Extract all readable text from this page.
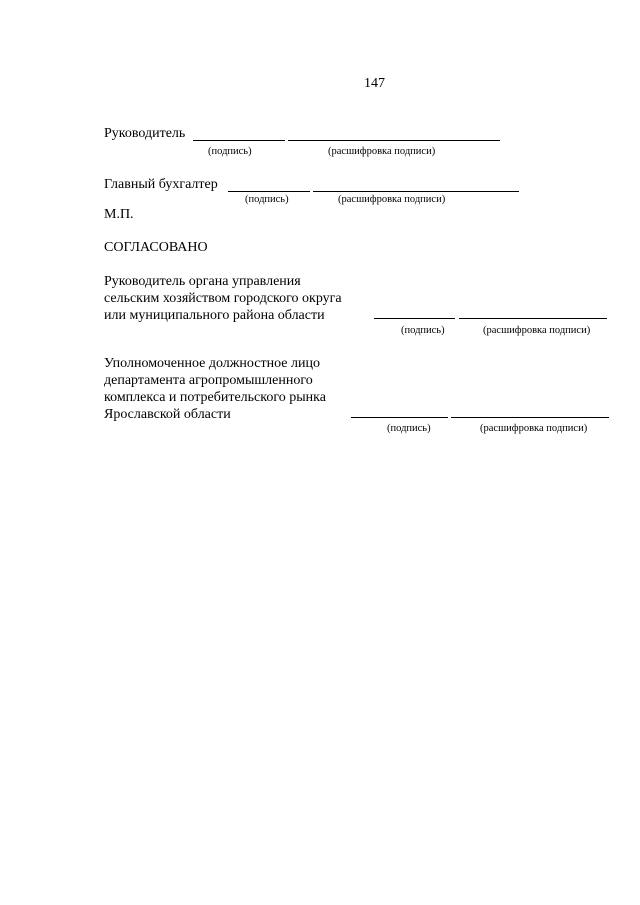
147
Руководитель
(подпись)	(расшифровка подписи)
Главный бухгалтер
(подпись)	(расшифровка подписи)
М.П.
СОГЛАСОВАНО
Руководитель органа управления
сельским хозяйством городского округа
или муниципального района области
(подпись)	(расшифровка подписи)
Уполномоченное должностное лицо
департамента агропромышленного
комплекса и потребительского рынка
Ярославской области
(подпись)	(расшифровка подписи)
